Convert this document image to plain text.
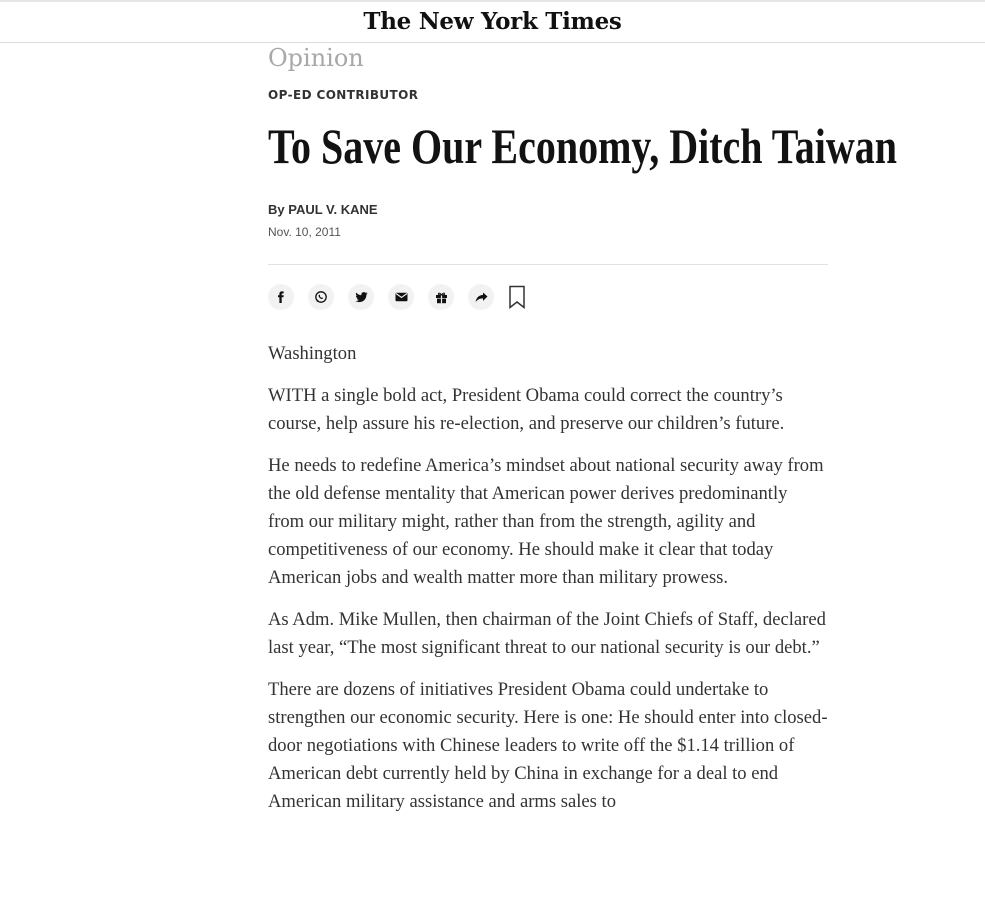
The New York Times
Opinion
OP-ED CONTRIBUTOR
To Save Our Economy, Ditch Taiwan
By PAUL V. KANE
Nov. 10, 2011

Washington

WITH a single bold act, President Obama could correct the country’s course, help assure his re-election, and preserve our children’s future.

He needs to redefine America’s mindset about national security away from the old defense mentality that American power derives predominantly from our military might, rather than from the strength, agility and competitiveness of our economy. He should make it clear that today American jobs and wealth matter more than military prowess.

As Adm. Mike Mullen, then chairman of the Joint Chiefs of Staff, declared last year, “The most significant threat to our national security is our debt.”

There are dozens of initiatives President Obama could undertake to strengthen our economic security. Here is one: He should enter into closed-door negotiations with Chinese leaders to write off the $1.14 trillion of American debt currently held by China in exchange for a deal to end American military assistance and arms sales to
